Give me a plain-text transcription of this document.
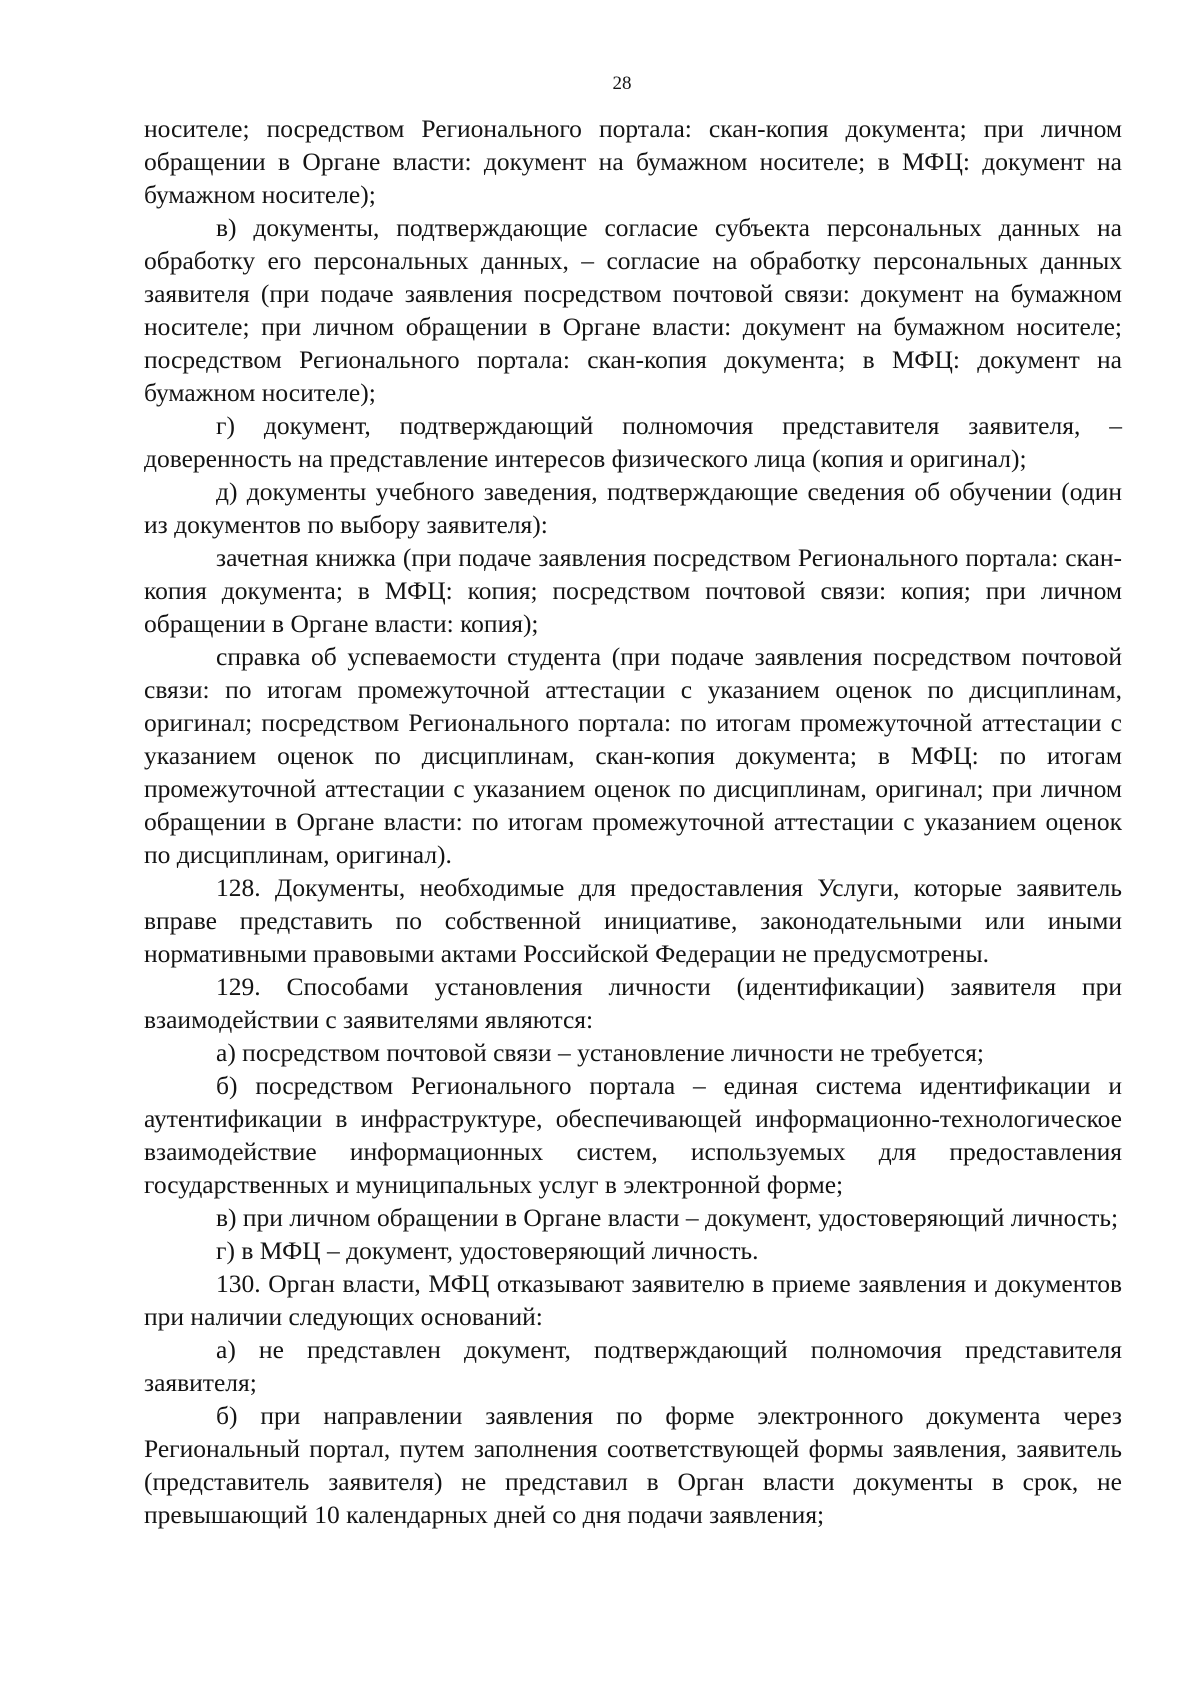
28

носителе; посредством Регионального портала: скан-копия документа; при личном обращении в Органе власти: документ на бумажном носителе; в МФЦ: документ на бумажном носителе);

в) документы, подтверждающие согласие субъекта персональных данных на обработку его персональных данных, – согласие на обработку персональных данных заявителя (при подаче заявления посредством почтовой связи: документ на бумажном носителе; при личном обращении в Органе власти: документ на бумажном носителе; посредством Регионального портала: скан-копия документа; в МФЦ: документ на бумажном носителе);

г) документ, подтверждающий полномочия представителя заявителя, – доверенность на представление интересов физического лица (копия и оригинал);

д) документы учебного заведения, подтверждающие сведения об обучении (один из документов по выбору заявителя):

зачетная книжка (при подаче заявления посредством Регионального портала: скан-копия документа; в МФЦ: копия; посредством почтовой связи: копия; при личном обращении в Органе власти: копия);

справка об успеваемости студента (при подаче заявления посредством почтовой связи: по итогам промежуточной аттестации с указанием оценок по дисциплинам, оригинал; посредством Регионального портала: по итогам промежуточной аттестации с указанием оценок по дисциплинам, скан-копия документа; в МФЦ: по итогам промежуточной аттестации с указанием оценок по дисциплинам, оригинал; при личном обращении в Органе власти: по итогам промежуточной аттестации с указанием оценок по дисциплинам, оригинал).

128. Документы, необходимые для предоставления Услуги, которые заявитель вправе представить по собственной инициативе, законодательными или иными нормативными правовыми актами Российской Федерации не предусмотрены.

129. Способами установления личности (идентификации) заявителя при взаимодействии с заявителями являются:

а) посредством почтовой связи – установление личности не требуется;

б) посредством Регионального портала – единая система идентификации и аутентификации в инфраструктуре, обеспечивающей информационно-технологическое взаимодействие информационных систем, используемых для предоставления государственных и муниципальных услуг в электронной форме;

в) при личном обращении в Органе власти – документ, удостоверяющий личность;

г) в МФЦ – документ, удостоверяющий личность.

130. Орган власти, МФЦ отказывают заявителю в приеме заявления и документов при наличии следующих оснований:

а) не представлен документ, подтверждающий полномочия представителя заявителя;

б) при направлении заявления по форме электронного документа через Региональный портал, путем заполнения соответствующей формы заявления, заявитель (представитель заявителя) не представил в Орган власти документы в срок, не превышающий 10 календарных дней со дня подачи заявления;
